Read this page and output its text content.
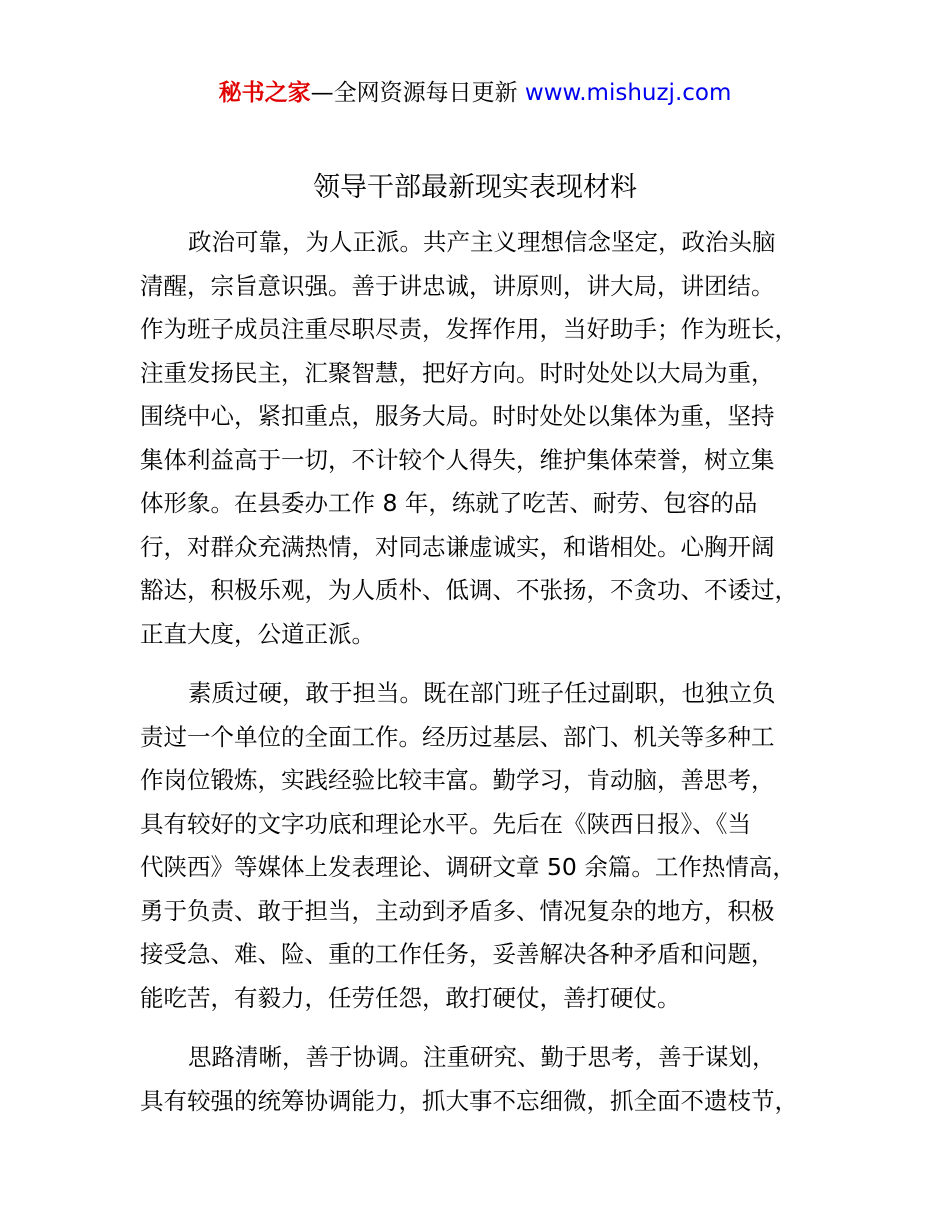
秘书之家—全网资源每日更新 www.mishuzj.com
领导干部最新现实表现材料

政治可靠，为人正派。共产主义理想信念坚定，政治头脑
清醒，宗旨意识强。善于讲忠诚，讲原则，讲大局，讲团结。
作为班子成员注重尽职尽责，发挥作用，当好助手；作为班长，
注重发扬民主，汇聚智慧，把好方向。时时处处以大局为重，
围绕中心，紧扣重点，服务大局。时时处处以集体为重，坚持
集体利益高于一切，不计较个人得失，维护集体荣誉，树立集
体形象。在县委办工作 8 年，练就了吃苦、耐劳、包容的品
行，对群众充满热情，对同志谦虚诚实，和谐相处。心胸开阔
豁达，积极乐观，为人质朴、低调、不张扬，不贪功、不诿过，
正直大度，公道正派。

素质过硬，敢于担当。既在部门班子任过副职，也独立负
责过一个单位的全面工作。经历过基层、部门、机关等多种工
作岗位锻炼，实践经验比较丰富。勤学习，肯动脑，善思考，
具有较好的文字功底和理论水平。先后在《陕西日报》、《当
代陕西》等媒体上发表理论、调研文章 50 余篇。工作热情高，
勇于负责、敢于担当，主动到矛盾多、情况复杂的地方，积极
接受急、难、险、重的工作任务，妥善解决各种矛盾和问题，
能吃苦，有毅力，任劳任怨，敢打硬仗，善打硬仗。

思路清晰，善于协调。注重研究、勤于思考，善于谋划，
具有较强的统筹协调能力，抓大事不忘细微，抓全面不遗枝节，
